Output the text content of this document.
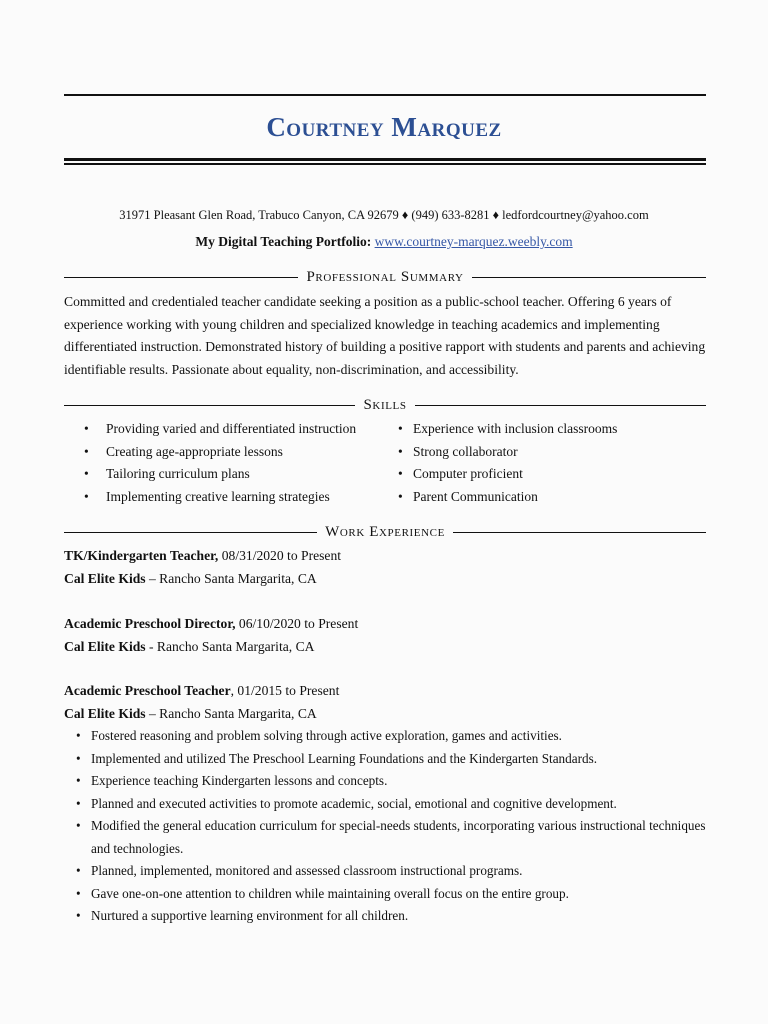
Courtney Marquez
31971 Pleasant Glen Road, Trabuco Canyon, CA 92679 ♦ (949) 633-8281 ♦ ledfordcourtney@yahoo.com
My Digital Teaching Portfolio: www.courtney-marquez.weebly.com
Professional Summary
Committed and credentialed teacher candidate seeking a position as a public-school teacher. Offering 6 years of experience working with young children and specialized knowledge in teaching academics and implementing differentiated instruction. Demonstrated history of building a positive rapport with students and parents and achieving identifiable results. Passionate about equality, non-discrimination, and accessibility.
Skills
• Providing varied and differentiated instruction
• Creating age-appropriate lessons
• Tailoring curriculum plans
• Implementing creative learning strategies
• Experience with inclusion classrooms
• Strong collaborator
• Computer proficient
• Parent Communication
Work Experience
TK/Kindergarten Teacher, 08/31/2020 to Present
Cal Elite Kids – Rancho Santa Margarita, CA
Academic Preschool Director, 06/10/2020 to Present
Cal Elite Kids - Rancho Santa Margarita, CA
Academic Preschool Teacher, 01/2015 to Present
Cal Elite Kids – Rancho Santa Margarita, CA
• Fostered reasoning and problem solving through active exploration, games and activities.
• Implemented and utilized The Preschool Learning Foundations and the Kindergarten Standards.
• Experience teaching Kindergarten lessons and concepts.
• Planned and executed activities to promote academic, social, emotional and cognitive development.
• Modified the general education curriculum for special-needs students, incorporating various instructional techniques and technologies.
• Planned, implemented, monitored and assessed classroom instructional programs.
• Gave one-on-one attention to children while maintaining overall focus on the entire group.
• Nurtured a supportive learning environment for all children.
